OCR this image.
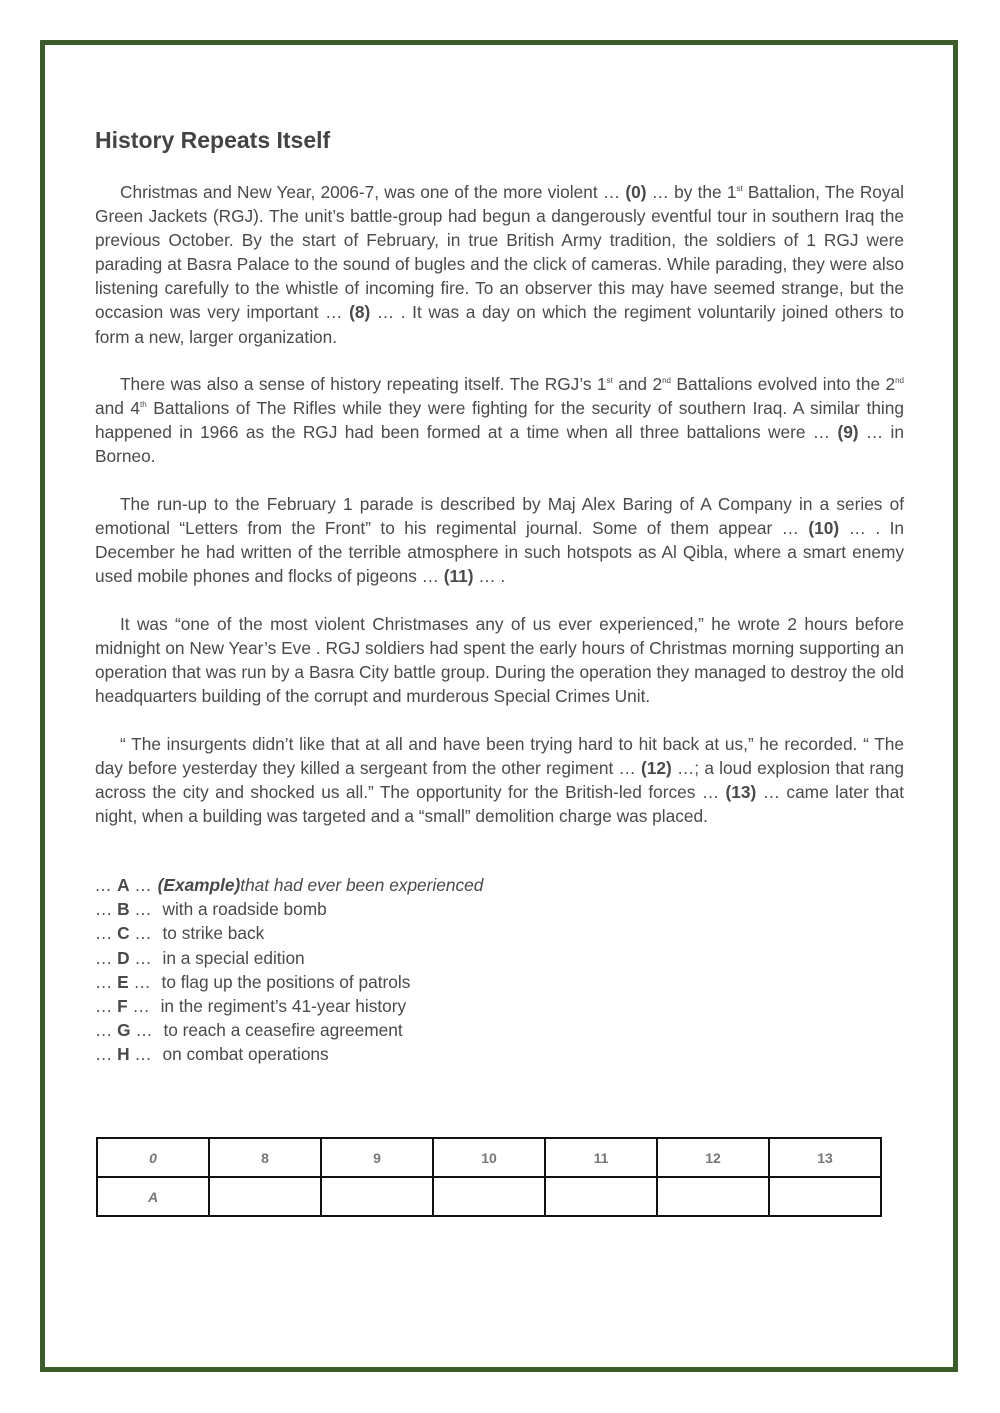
History Repeats Itself

Christmas and New Year, 2006-7, was one of the more violent … (0) … by the 1st Battalion, The Royal Green Jackets (RGJ). The unit’s battle-group had begun a dangerously eventful tour in southern Iraq the previous October. By the start of February, in true British Army tradition, the soldiers of 1 RGJ were parading at Basra Palace to the sound of bugles and the click of cameras. While parading, they were also listening carefully to the whistle of incoming fire. To an observer this may have seemed strange, but the occasion was very important … (8) … . It was a day on which the regiment voluntarily joined others to form a new, larger organization.

There was also a sense of history repeating itself. The RGJ’s 1st and 2nd Battalions evolved into the 2nd and 4th Battalions of The Rifles while they were fighting for the security of southern Iraq. A similar thing happened in 1966 as the RGJ had been formed at a time when all three battalions were … (9) … in Borneo.

The run-up to the February 1 parade is described by Maj Alex Baring of A Company in a series of emotional “Letters from the Front” to his regimental journal. Some of them appear … (10) … . In December he had written of the terrible atmosphere in such hotspots as Al Qibla, where a smart enemy used mobile phones and flocks of pigeons … (11) … .

It was “one of the most violent Christmases any of us ever experienced,” he wrote 2 hours before midnight on New Year’s Eve . RGJ soldiers had spent the early hours of Christmas morning supporting an operation that was run by a Basra City battle group. During the operation they managed to destroy the old headquarters building of the corrupt and murderous Special Crimes Unit.

“ The insurgents didn’t like that at all and have been trying hard to hit back at us,” he recorded. “ The day before yesterday they killed a sergeant from the other regiment … (12) …; a loud explosion that rang across the city and shocked us all.” The opportunity for the British-led forces … (13) … came later that night, when a building was targeted and a “small” demolition charge was placed.

… A … (Example)that had ever been experienced
… B … with a roadside bomb
… C … to strike back
… D … in a special edition
… E … to flag up the positions of patrols
… F … in the regiment’s 41-year history
… G … to reach a ceasefire agreement
… H … on combat operations
0	8	9	10	11	12	13
A						
